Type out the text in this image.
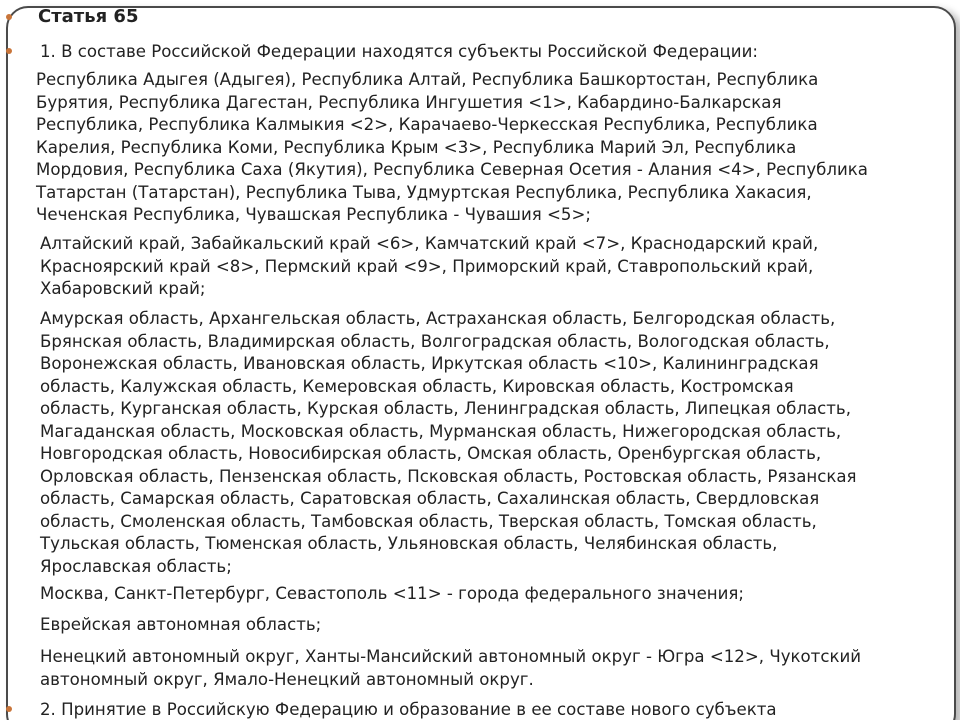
Статья 65
1. В составе Российской Федерации находятся субъекты Российской Федерации:
Республика Адыгея (Адыгея), Республика Алтай, Республика Башкортостан, Республика
Бурятия, Республика Дагестан, Республика Ингушетия <1>, Кабардино-Балкарская
Республика, Республика Калмыкия <2>, Карачаево-Черкесская Республика, Республика
Карелия, Республика Коми, Республика Крым <3>, Республика Марий Эл, Республика
Мордовия, Республика Саха (Якутия), Республика Северная Осетия - Алания <4>, Республика
Татарстан (Татарстан), Республика Тыва, Удмуртская Республика, Республика Хакасия,
Чеченская Республика, Чувашская Республика - Чувашия <5>;
Алтайский край, Забайкальский край <6>, Камчатский край <7>, Краснодарский край,
Красноярский край <8>, Пермский край <9>, Приморский край, Ставропольский край,
Хабаровский край;
Амурская область, Архангельская область, Астраханская область, Белгородская область,
Брянская область, Владимирская область, Волгоградская область, Вологодская область,
Воронежская область, Ивановская область, Иркутская область <10>, Калининградская
область, Калужская область, Кемеровская область, Кировская область, Костромская
область, Курганская область, Курская область, Ленинградская область, Липецкая область,
Магаданская область, Московская область, Мурманская область, Нижегородская область,
Новгородская область, Новосибирская область, Омская область, Оренбургская область,
Орловская область, Пензенская область, Псковская область, Ростовская область, Рязанская
область, Самарская область, Саратовская область, Сахалинская область, Свердловская
область, Смоленская область, Тамбовская область, Тверская область, Томская область,
Тульская область, Тюменская область, Ульяновская область, Челябинская область,
Ярославская область;
Москва, Санкт-Петербург, Севастополь <11> - города федерального значения;
Еврейская автономная область;
Ненецкий автономный округ, Ханты-Мансийский автономный округ - Югра <12>, Чукотский
автономный округ, Ямало-Ненецкий автономный округ.
2. Принятие в Российскую Федерацию и образование в ее составе нового субъекта
